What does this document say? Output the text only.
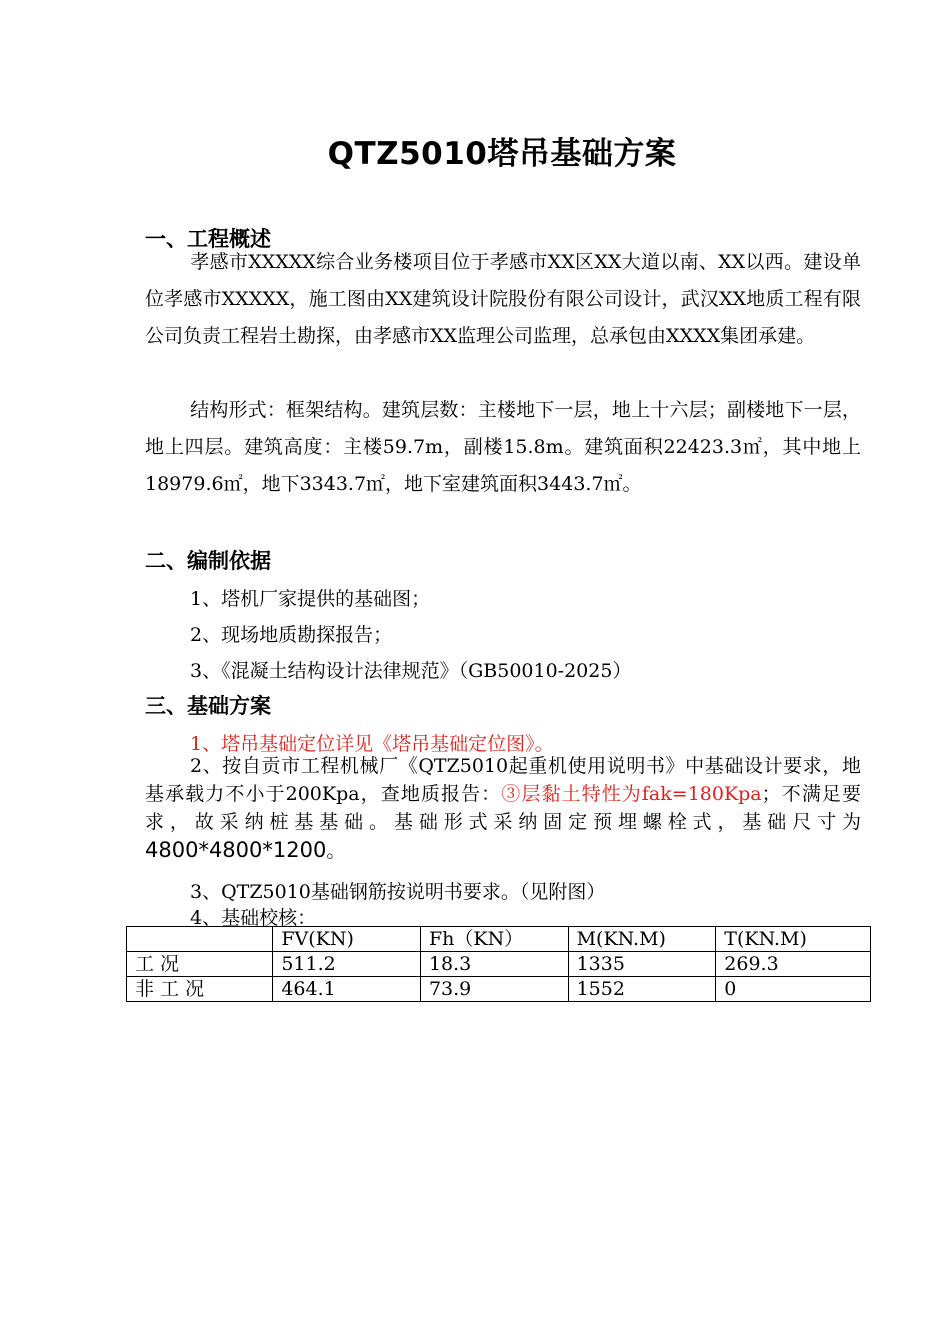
QTZ5010塔吊基础方案
一、工程概述
孝感市XXXXX综合业务楼项目位于孝感市XX区XX大道以南、XX以西。建设单位孝感市XXXXX，施工图由XX建筑设计院股份有限公司设计，武汉XX地质工程有限公司负责工程岩土勘探，由孝感市XX监理公司监理，总承包由XXXX集团承建。
结构形式：框架结构。建筑层数：主楼地下一层，地上十六层；副楼地下一层，地上四层。建筑高度：主楼59.7m，副楼15.8m。建筑面积22423.3㎡，其中地上18979.6㎡，地下3343.7㎡，地下室建筑面积3443.7㎡。
二、编制依据
1、塔机厂家提供的基础图；
2、现场地质勘探报告；
3、《混凝土结构设计法律规范》（GB50010-2025）
三、基础方案
1、塔吊基础定位详见《塔吊基础定位图》。
2、按自贡市工程机械厂《QTZ5010起重机使用说明书》中基础设计要求，地基承载力不小于200Kpa，查地质报告：③层黏土特性为fak=180Kpa；不满足要求，故采纳桩基基础。基础形式采纳固定预埋螺栓式，基础尺寸为4800*4800*1200。
3、QTZ5010基础钢筋按说明书要求。（见附图）
4、基础校核：
	FV(KN)	Fh（KN）	M(KN.M)	T(KN.M)
工 况	511.2	18.3	1335	269.3
非 工 况	464.1	73.9	1552	0
